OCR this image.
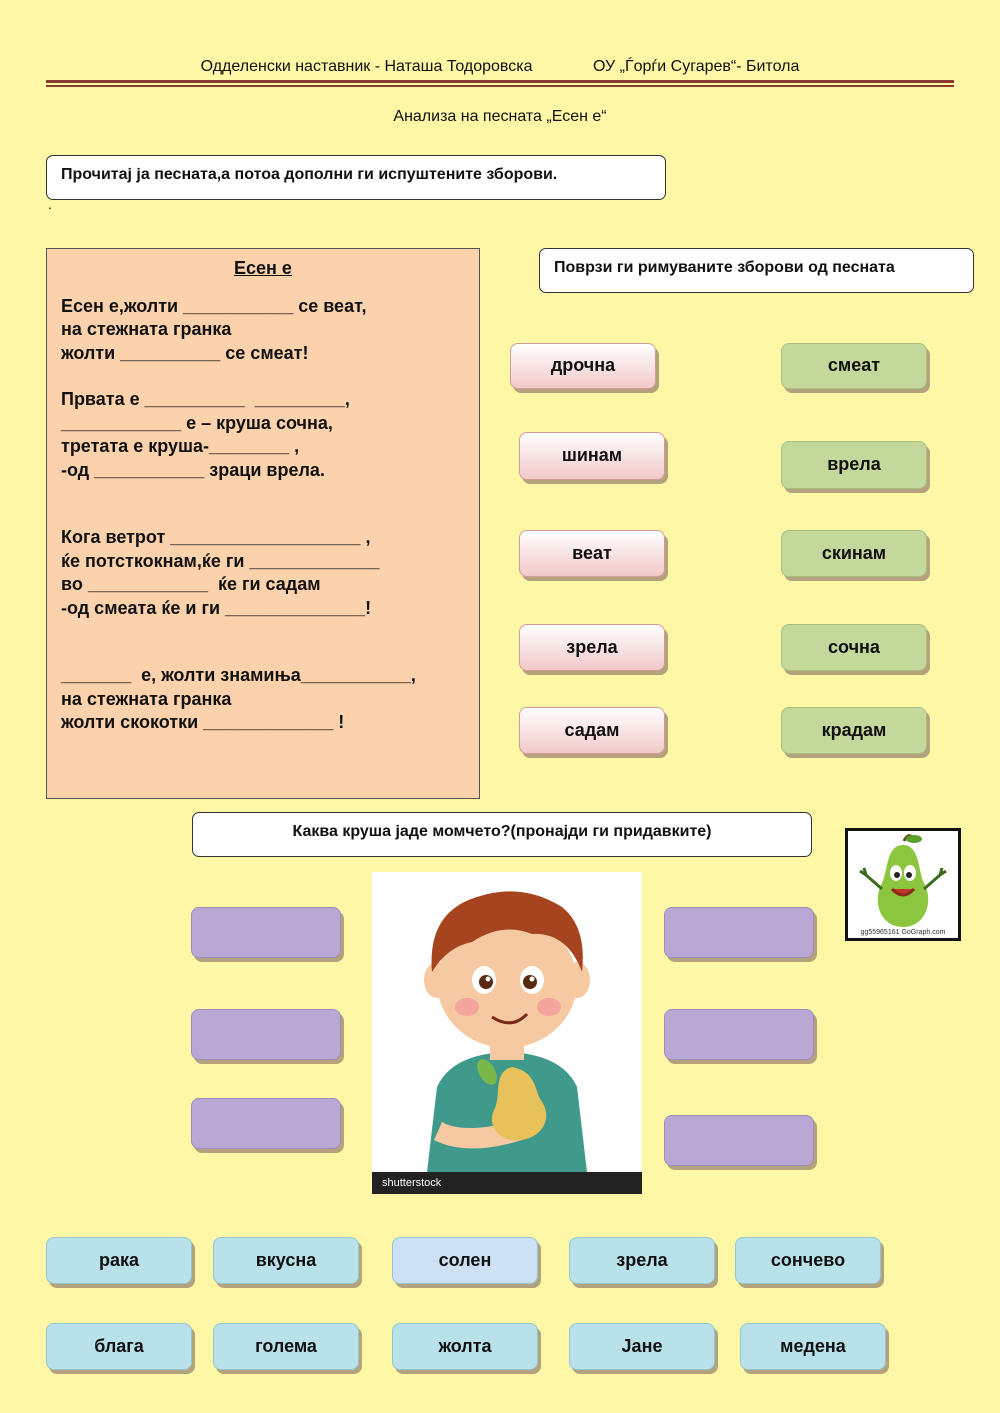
Одделенски наставник - Наташа Тодоровска	ОУ „Ѓорѓи Сугарев“- Битола
Анализа на песната „Есен е“
Прочитај ја песната,а потоа дополни ги испуштените зборови.
.
Есен е
Есен е,жолти ___________ се веат,
на стежната гранка
жолти __________ се смеат!
Првата е __________  _________,
____________ е – круша сочна,
третата е круша-________ ,
-од ___________ зраци врела.
Кога ветрот ___________________ ,
ќе потсткокнам,ќе ги _____________
во ____________  ќе ги садам
-од смеата ќе и ги ______________!
_______  е, жолти знамиња___________,
на стежната гранка
жолти скокотки _____________ !
Поврзи ги римуваните зборови од песната
дрочна
шинам
веат
зрела
садам
смеат
врела
скинам
сочна
крадам
Каква круша јаде момчето?(пронајди ги придавките)
gg55965161 GoGraph.com
shutterstock
рака	вкусна	солен	зрела	сончево
блага	голема	жолта	Јане	медена
